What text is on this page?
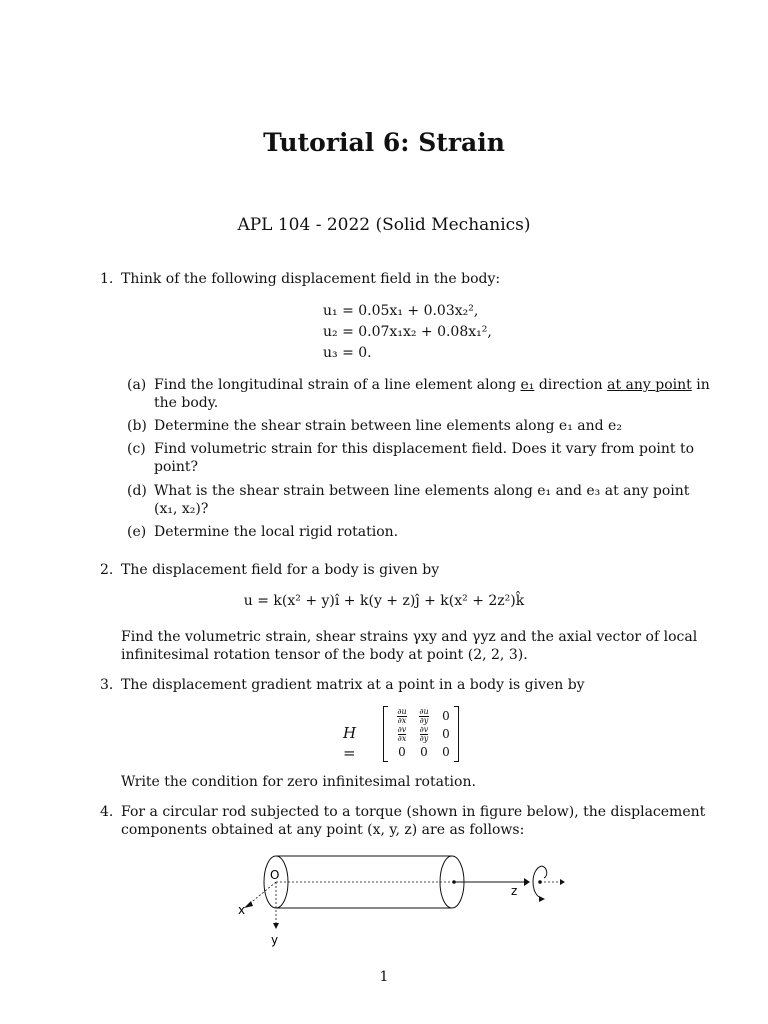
Tutorial 6: Strain
APL 104 - 2022 (Solid Mechanics)
1. Think of the following displacement field in the body:
u₁ = 0.05x₁ + 0.03x₂²,
u₂ = 0.07x₁x₂ + 0.08x₁²,
u₃ = 0.
(a) Find the longitudinal strain of a line element along e₁ direction at any point in
the body.
(b) Determine the shear strain between line elements along e₁ and e₂
(c) Find volumetric strain for this displacement field. Does it vary from point to
point?
(d) What is the shear strain between line elements along e₁ and e₃ at any point
(x₁, x₂)?
(e) Determine the local rigid rotation.
2. The displacement field for a body is given by
u = k(x² + y)î + k(y + z)ĵ + k(x² + 2z²)k̂
Find the volumetric strain, shear strains γxy and γyz and the axial vector of local
infinitesimal rotation tensor of the body at point (2, 2, 3).
3. The displacement gradient matrix at a point in a body is given by
H =
$\frac{\partial u}{\partial x}$	$\frac{\partial u}{\partial y}$	0
$\frac{\partial v}{\partial x}$	$\frac{\partial v}{\partial y}$	0
0	0	0
Write the condition for zero infinitesimal rotation.
4. For a circular rod subjected to a torque (shown in figure below), the displacement
components obtained at any point (x, y, z) are as follows:
O
x
y
z
1
